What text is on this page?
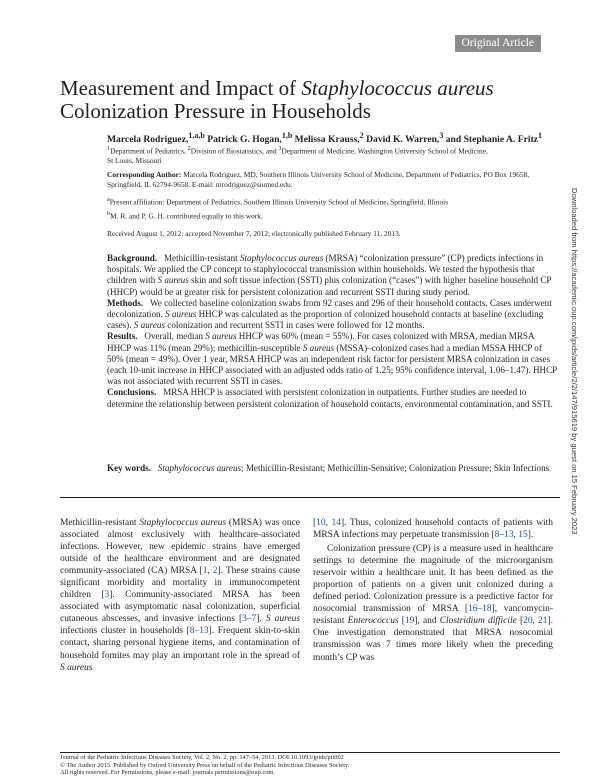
Original Article
Downloaded from https://academic.oup.com/jpids/article/2/2/147/915619 by guest on 15 February 2023
Measurement and Impact of Staphylococcus aureus
Colonization Pressure in Households
Marcela Rodriguez,$^{1,a,b}$ Patrick G. Hogan,$^{1,b}$ Melissa Krauss,$^2$ David K. Warren,$^3$ and Stephanie A. Fritz$^1$
$^1$Department of Pediatrics, $^2$Division of Biostatistics, and $^3$Department of Medicine, Washington University School of Medicine,
St Louis, Missouri
Corresponding Author: Marcela Rodriguez, MD, Southern Illinois University School of Medicine, Department of Pediatrics, PO Box 19658, Springfield, IL 62794-9658. E-mail: mrodriguez@siumed.edu.
$^a$Present affiliation: Department of Pediatrics, Southern Illinois University School of Medicine, Springfield, Illinois
$^b$M. R. and P. G. H. contributed equally to this work.
Received August 1, 2012; accepted November 7, 2012; electronically published February 11, 2013.

Background. Methicillin-resistant Staphylococcus aureus (MRSA) “colonization pressure” (CP) predicts infections in hospitals. We applied the CP concept to staphylococcal transmission within households. We tested the hypothesis that children with S aureus skin and soft tissue infection (SSTI) plus colonization (“cases”) with higher baseline household CP (HHCP) would be at greater risk for persistent colonization and recurrent SSTI during study period.

Methods. We collected baseline colonization swabs from 92 cases and 296 of their household contacts. Cases underwent decolonization. S aureus HHCP was calculated as the proportion of colonized household contacts at baseline (excluding cases). S aureus colonization and recurrent SSTI in cases were followed for 12 months.

Results. Overall, median S aureus HHCP was 60% (mean = 55%). For cases colonized with MRSA, median MRSA HHCP was 11% (mean 29%); methicillin-susceptible S aureus (MSSA)–colonized cases had a median MSSA HHCP of 50% (mean = 49%). Over 1 year, MRSA HHCP was an independent risk factor for persistent MRSA colonization in cases (each 10-unit increase in HHCP associated with an adjusted odds ratio of 1.25; 95% confidence interval, 1.06–1.47). HHCP was not associated with recurrent SSTI in cases.

Conclusions. MRSA HHCP is associated with persistent colonization in outpatients. Further studies are needed to determine the relationship between persistent colonization of household contacts, environmental contamination, and SSTI.

Key words. Staphylococcus aureus; Methicillin-Resistant; Methicillin-Sensitive; Colonization Pressure; Skin Infections

Methicillin-resistant Staphylococcus aureus (MRSA) was once associated almost exclusively with healthcare-associated infections. However, new epidemic strains have emerged outside of the healthcare environment and are designated community-associated (CA) MRSA [1, 2]. These strains cause significant morbidity and mortality in immunocompetent children [3]. Community-associated MRSA has been associated with asymptomatic nasal colonization, superficial cutaneous abscesses, and invasive infections [3–7]. S aureus infections cluster in households [8–13]. Frequent skin-to-skin contact, sharing personal hygiene items, and contamination of household fomites may play an important role in the spread of S aureus

[10, 14]. Thus, colonized household contacts of patients with MRSA infections may perpetuate transmission [8–13, 15].

Colonization pressure (CP) is a measure used in healthcare settings to determine the magnitude of the microorganism reservoir within a healthcare unit. It has been defined as the proportion of patients on a given unit colonized during a defined period. Colonization pressure is a predictive factor for nosocomial transmission of MRSA [16–18], vancomycin-resistant Enterococcus [19], and Clostridium difficile [20, 21]. One investigation demonstrated that MRSA nosocomial transmission was 7 times more likely when the preceding month’s CP was

Journal of the Pediatric Infectious Diseases Society, Vol. 2, No. 2, pp. 147–54, 2013. DOI:10.1093/jpids/pit002
© The Author 2013. Published by Oxford University Press on behalf of the Pediatric Infectious Diseases Society.
All rights reserved. For Permissions, please e-mail: journals.permissions@oup.com.
